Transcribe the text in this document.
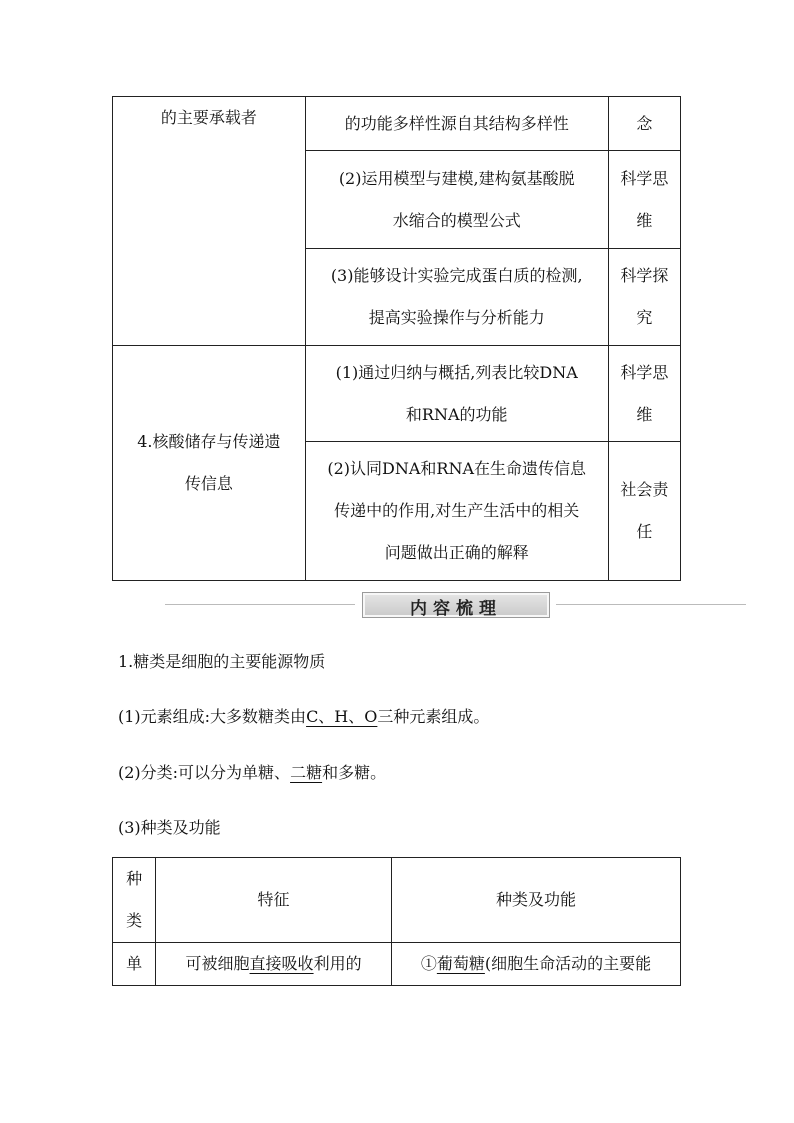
的主要承载者	的功能多样性源自其结构多样性	念
	(2)运用模型与建模,建构氨基酸脱
水缩合的模型公式	科学思
维
	(3)能够设计实验完成蛋白质的检测,
提高实验操作与分析能力	科学探
究
4.核酸储存与传递遗
传信息	(1)通过归纳与概括,列表比较DNA
和RNA的功能	科学思
维
	(2)认同DNA和RNA在生命遗传信息
传递中的作用,对生产生活中的相关
问题做出正确的解释	社会责
任
内容梳理
1.糖类是细胞的主要能源物质
(1)元素组成:大多数糖类由C、H、O三种元素组成。
(2)分类:可以分为单糖、二糖和多糖。
(3)种类及功能
种
类	特征	种类及功能
单	可被细胞直接吸收利用的	①葡萄糖(细胞生命活动的主要能
